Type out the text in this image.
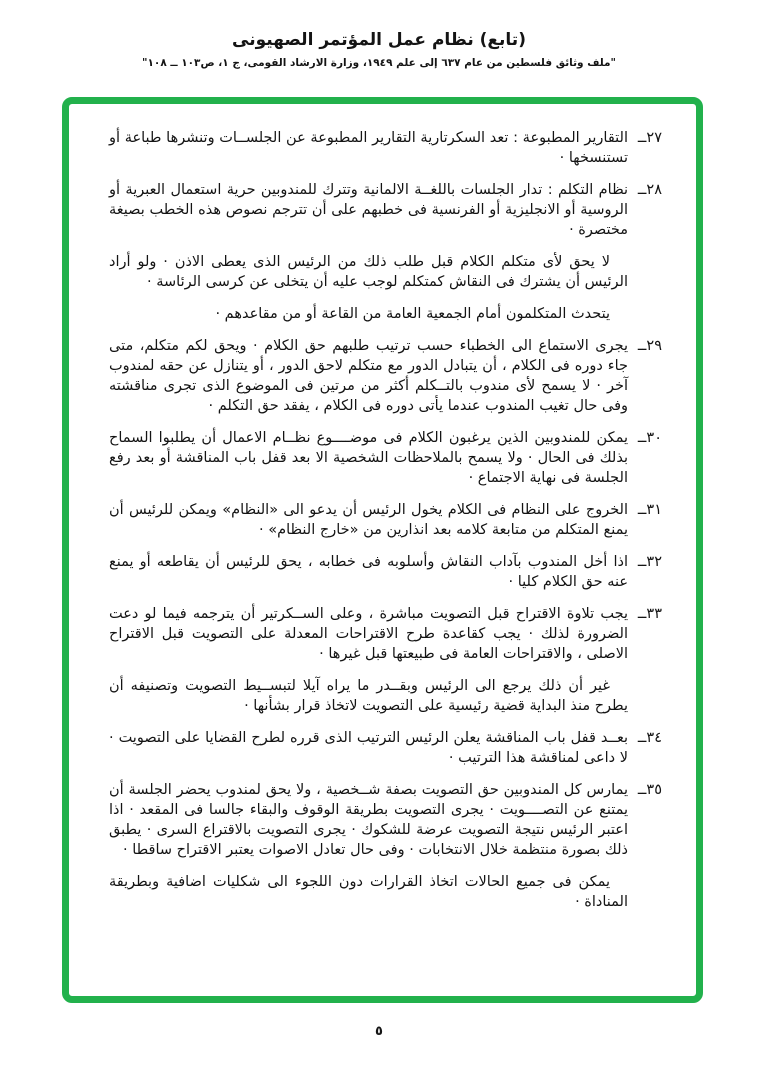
(تابع) نظام عمل المؤتمر الصهيونى
"ملف وثائق فلسطين من عام ٦٣٧ إلى علم ١٩٤٩، وزارة الارشاد القومى، ج ١، ص١٠٣ ــ ١٠٨"

٢٧ــالتقارير المطبوعة : تعد السكرتارية التقارير المطبوعة عن الجلســات وتنشرها طباعة أو تستنسخها ·

٢٨ــنظام التكلم : تدار الجلسات باللغــة الالمانية وتترك للمندوبين حرية استعمال العبرية أو الروسية أو الانجليزية أو الفرنسية فى خطبهم على أن تترجم نصوص هذه الخطب بصيغة مختصرة ·

لا يحق لأى متكلم الكلام قبل طلب ذلك من الرئيس الذى يعطى الاذن · ولو أراد الرئيس أن يشترك فى النقاش كمتكلم لوجب عليه أن يتخلى عن كرسى الرئاسة ·

يتحدث المتكلمون أمام الجمعية العامة من القاعة أو من مقاعدهم ·

٢٩ــيجرى الاستماع الى الخطباء حسب ترتيب طلبهم حق الكلام · ويحق لكم متكلم، متى جاء دوره فى الكلام ، أن يتبادل الدور مع متكلم لاحق الدور ، أو يتنازل عن حقه لمندوب آخر · لا يسمح لأى مندوب بالتــكلم أكثر من مرتين فى الموضوع الذى تجرى مناقشته وفى حال تغيب المندوب عندما يأتى دوره فى الكلام ، يفقد حق التكلم ·

٣٠ــيمكن للمندوبين الذين يرغبون الكلام فى موضــــوع نظــام الاعمال أن يطلبوا السماح بذلك فى الحال · ولا يسمح بالملاحظات الشخصية الا بعد قفل باب المناقشة أو بعد رفع الجلسة فى نهاية الاجتماع ·

٣١ــالخروج على النظام فى الكلام يخول الرئيس أن يدعو الى «النظام» ويمكن للرئيس أن يمنع المتكلم من متابعة كلامه بعد انذارين من «خارج النظام» ·

٣٢ــاذا أخل المندوب بآداب النقاش وأسلوبه فى خطابه ، يحق للرئيس أن يقاطعه أو يمنع عنه حق الكلام كليا ·

٣٣ــيجب تلاوة الاقتراح قبل التصويت مباشرة ، وعلى الســكرتير أن يترجمه فيما لو دعت الضرورة لذلك · يجب كقاعدة طرح الاقتراحات المعدلة على التصويت قبل الاقتراح الاصلى ، والاقتراحات العامة فى طبيعتها قبل غيرها ·

غير أن ذلك يرجع الى الرئيس وبقــدر ما يراه آيلا لتبســيط التصويت وتصنيفه أن يطرح منذ البداية قضية رئيسية على التصويت لاتخاذ قرار بشأنها ·

٣٤ــبعــد قفل باب المناقشة يعلن الرئيس الترتيب الذى قرره لطرح القضايا على التصويت · لا داعى لمناقشة هذا الترتيب ·

٣٥ــيمارس كل المندوبين حق التصويت بصفة شــخصية ، ولا يحق لمندوب يحضر الجلسة أن يمتنع عن التصــــويت · يجرى التصويت بطريقة الوقوف والبقاء جالسا فى المقعد · اذا اعتبر الرئيس نتيجة التصويت عرضة للشكوك · يجرى التصويت بالاقتراع السرى · يطبق ذلك بصورة منتظمة خلال الانتخابات · وفى حال تعادل الاصوات يعتبر الاقتراح ساقطا ·

يمكن فى جميع الحالات اتخاذ القرارات دون اللجوء الى شكليات اضافية وبطريقة المناداة ·

٥
